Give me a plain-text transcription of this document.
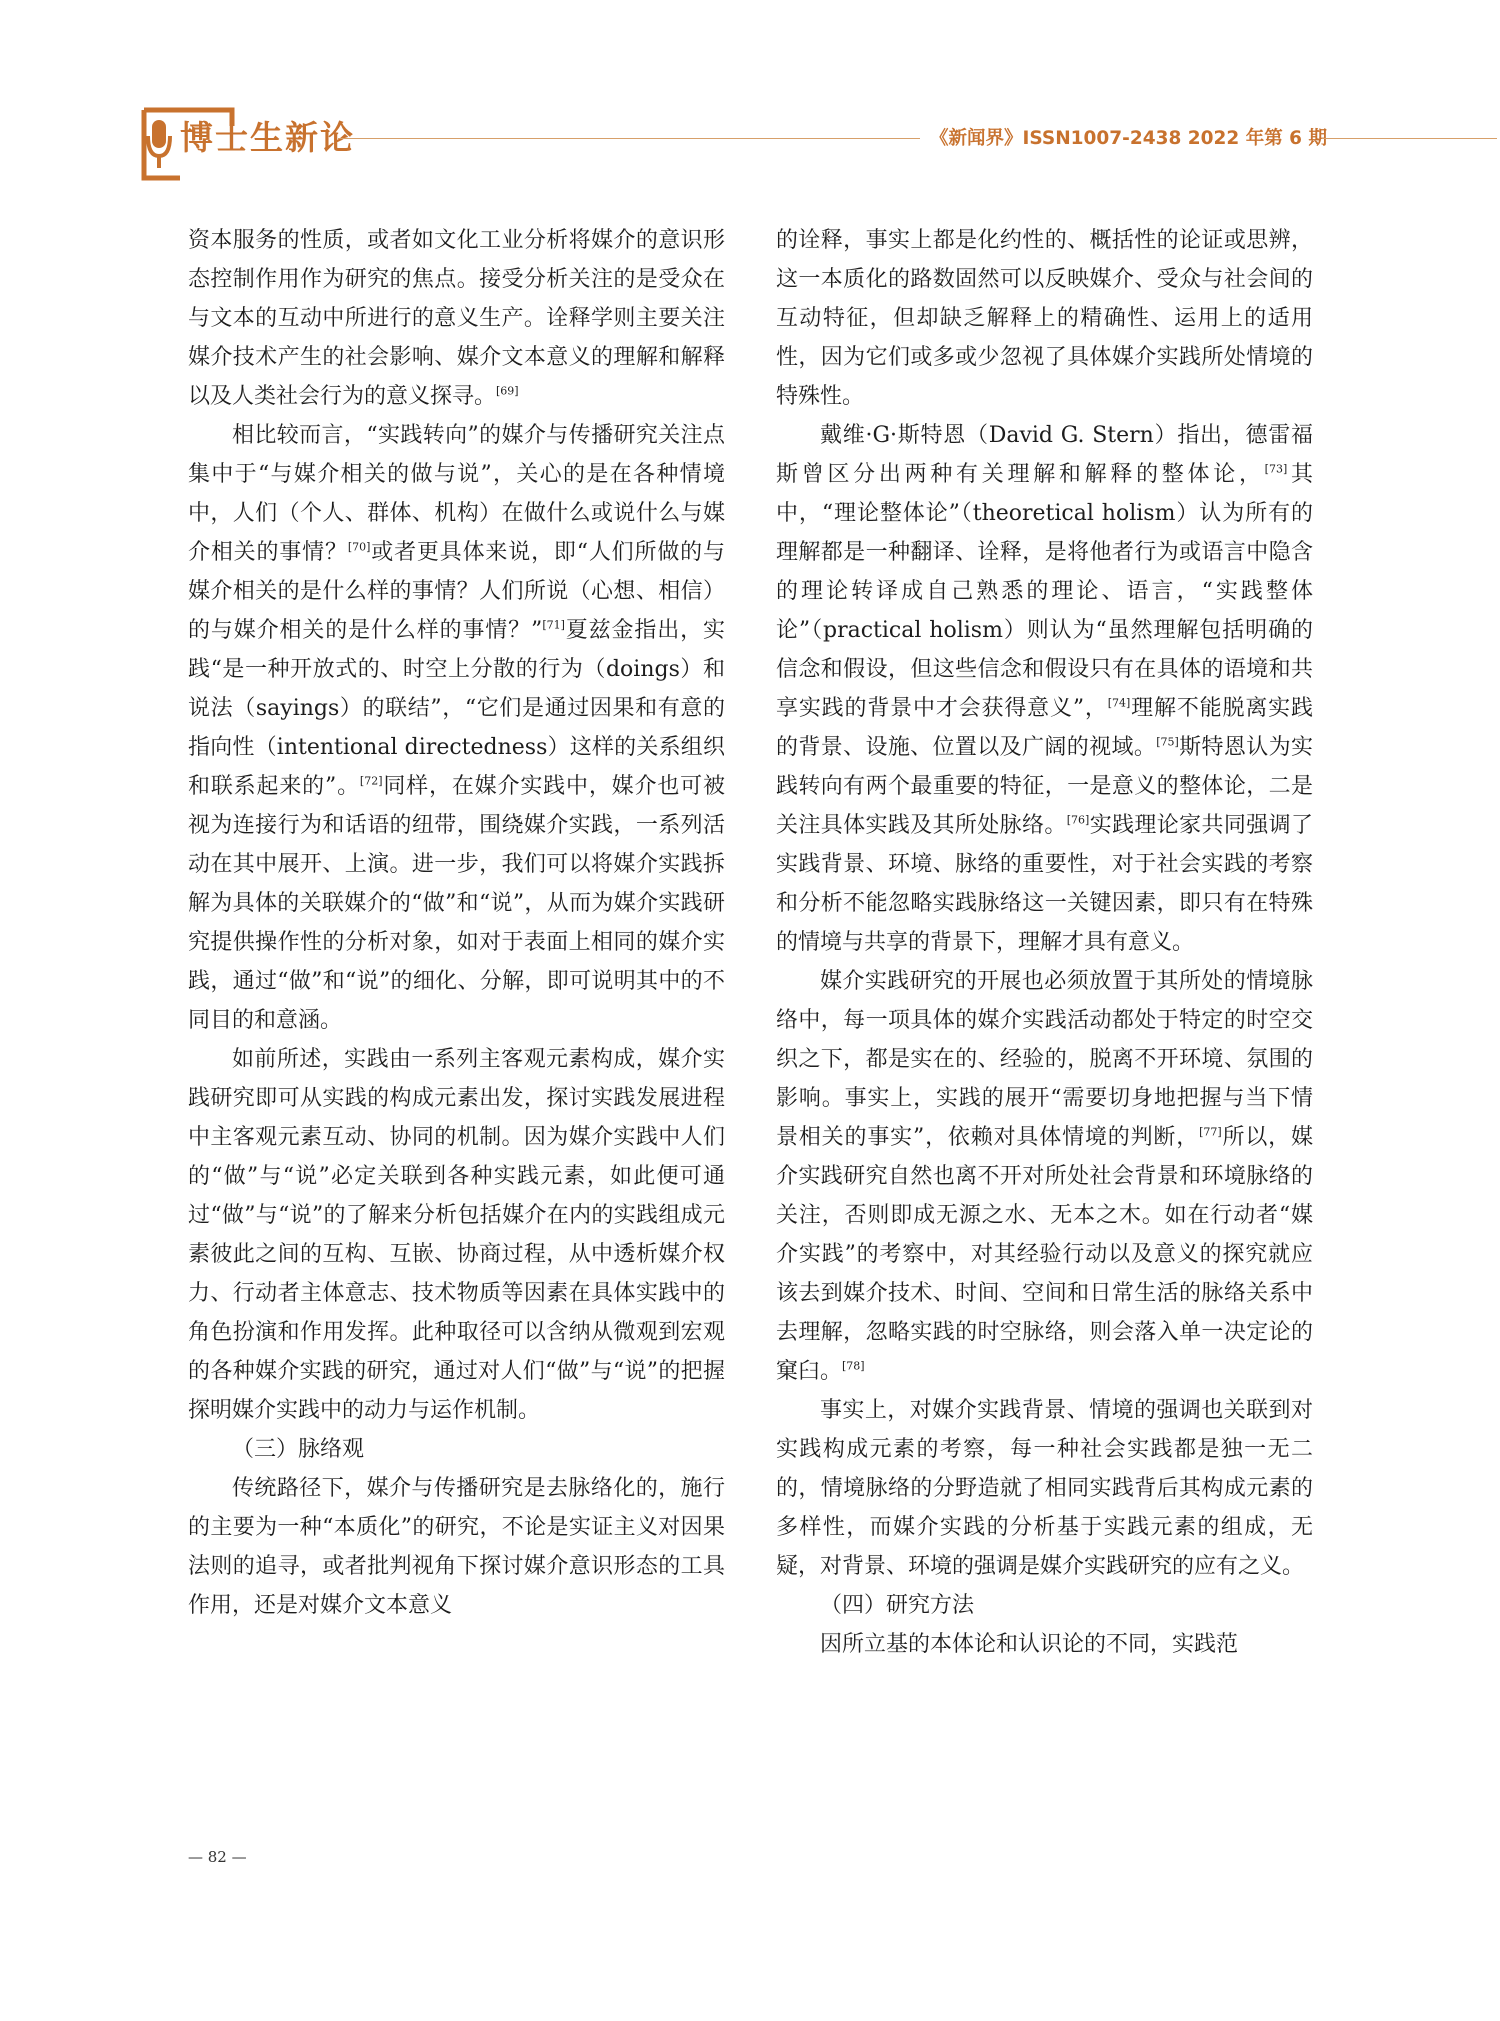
博士生新论	《新闻界》ISSN1007-2438 2022 年第 6 期

资本服务的性质，或者如文化工业分析将媒介的意识形态控制作用作为研究的焦点。接受分析关注的是受众在与文本的互动中所进行的意义生产。诠释学则主要关注媒介技术产生的社会影响、媒介文本意义的理解和解释以及人类社会行为的意义探寻。[69]

相比较而言，“实践转向”的媒介与传播研究关注点集中于“与媒介相关的做与说”，关心的是在各种情境中，人们（个人、群体、机构）在做什么或说什么与媒介相关的事情？[70]或者更具体来说，即“人们所做的与媒介相关的是什么样的事情？人们所说（心想、相信）的与媒介相关的是什么样的事情？”[71]夏兹金指出，实践“是一种开放式的、时空上分散的行为（doings）和说法（sayings）的联结”，“它们是通过因果和有意的指向性（intentional directedness）这样的关系组织和联系起来的”。[72]同样，在媒介实践中，媒介也可被视为连接行为和话语的纽带，围绕媒介实践，一系列活动在其中展开、上演。进一步，我们可以将媒介实践拆解为具体的关联媒介的“做”和“说”，从而为媒介实践研究提供操作性的分析对象，如对于表面上相同的媒介实践，通过“做”和“说”的细化、分解，即可说明其中的不同目的和意涵。

如前所述，实践由一系列主客观元素构成，媒介实践研究即可从实践的构成元素出发，探讨实践发展进程中主客观元素互动、协同的机制。因为媒介实践中人们的“做”与“说”必定关联到各种实践元素，如此便可通过“做”与“说”的了解来分析包括媒介在内的实践组成元素彼此之间的互构、互嵌、协商过程，从中透析媒介权力、行动者主体意志、技术物质等因素在具体实践中的角色扮演和作用发挥。此种取径可以含纳从微观到宏观的各种媒介实践的研究，通过对人们“做”与“说”的把握探明媒介实践中的动力与运作机制。

（三）脉络观

传统路径下，媒介与传播研究是去脉络化的，施行的主要为一种“本质化”的研究，不论是实证主义对因果法则的追寻，或者批判视角下探讨媒介意识形态的工具作用，还是对媒介文本意义

的诠释，事实上都是化约性的、概括性的论证或思辨，这一本质化的路数固然可以反映媒介、受众与社会间的互动特征，但却缺乏解释上的精确性、运用上的适用性，因为它们或多或少忽视了具体媒介实践所处情境的特殊性。

戴维·G·斯特恩（David G. Stern）指出，德雷福斯曾区分出两种有关理解和解释的整体论，[73]其中，“理论整体论”（theoretical holism）认为所有的理解都是一种翻译、诠释，是将他者行为或语言中隐含的理论转译成自己熟悉的理论、语言，“实践整体论”（practical holism）则认为“虽然理解包括明确的信念和假设，但这些信念和假设只有在具体的语境和共享实践的背景中才会获得意义”，[74]理解不能脱离实践的背景、设施、位置以及广阔的视域。[75]斯特恩认为实践转向有两个最重要的特征，一是意义的整体论，二是关注具体实践及其所处脉络。[76]实践理论家共同强调了实践背景、环境、脉络的重要性，对于社会实践的考察和分析不能忽略实践脉络这一关键因素，即只有在特殊的情境与共享的背景下，理解才具有意义。

媒介实践研究的开展也必须放置于其所处的情境脉络中，每一项具体的媒介实践活动都处于特定的时空交织之下，都是实在的、经验的，脱离不开环境、氛围的影响。事实上，实践的展开“需要切身地把握与当下情景相关的事实”，依赖对具体情境的判断，[77]所以，媒介实践研究自然也离不开对所处社会背景和环境脉络的关注，否则即成无源之水、无本之木。如在行动者“媒介实践”的考察中，对其经验行动以及意义的探究就应该去到媒介技术、时间、空间和日常生活的脉络关系中去理解，忽略实践的时空脉络，则会落入单一决定论的窠臼。[78]

事实上，对媒介实践背景、情境的强调也关联到对实践构成元素的考察，每一种社会实践都是独一无二的，情境脉络的分野造就了相同实践背后其构成元素的多样性，而媒介实践的分析基于实践元素的组成，无疑，对背景、环境的强调是媒介实践研究的应有之义。

（四）研究方法

因所立基的本体论和认识论的不同，实践范

— 82 —
